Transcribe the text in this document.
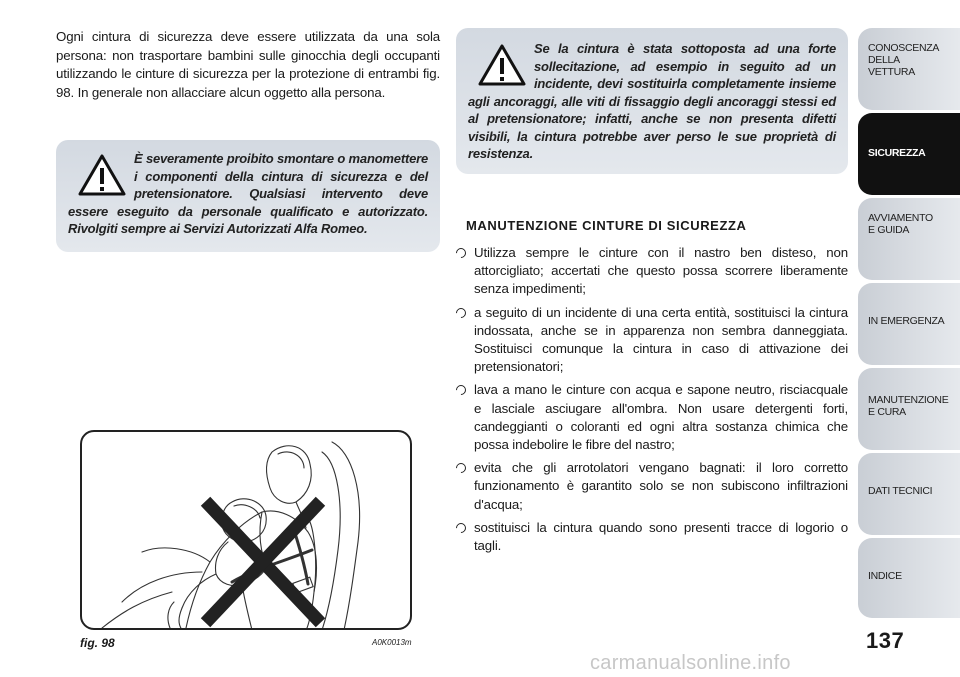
Ogni cintura di sicurezza deve essere utilizzata da una sola persona: non trasportare bambini sulle ginocchia degli occupanti utilizzando le cinture di sicurezza per la protezione di entrambi fig. 98. In generale non allacciare alcun oggetto alla persona.

È severamente proibito smontare o manomettere i componenti della cintura di sicurezza e del pretensionatore. Qualsiasi intervento deve essere eseguito da personale qualificato e autorizzato. Rivolgiti sempre ai Servizi Autorizzati Alfa Romeo.
Se la cintura è stata sottoposta ad una forte sollecitazione, ad esempio in seguito ad un incidente, devi sostituirla completamente insieme agli ancoraggi, alle viti di fissaggio degli ancoraggi stessi ed al pretensionatore; infatti, anche se non presenta difetti visibili, la cintura potrebbe aver perso le sue proprietà di resistenza.
MANUTENZIONE CINTURE DI SICUREZZA
Utilizza sempre le cinture con il nastro ben disteso, non attorcigliato; accertati che questo possa scorrere liberamente senza impedimenti;
a seguito di un incidente di una certa entità, sostituisci la cintura indossata, anche se in apparenza non sembra danneggiata. Sostituisci comunque la cintura in caso di attivazione dei pretensionatori;
lava a mano le cinture con acqua e sapone neutro, risciacquale e lasciale asciugare all'ombra. Non usare detergenti forti, candeggianti o coloranti ed ogni altra sostanza chimica che possa indebolire le fibre del nastro;
evita che gli arrotolatori vengano bagnati: il loro corretto funzionamento è garantito solo se non subiscono infiltrazioni d'acqua;
sostituisci la cintura quando sono presenti tracce di logorio o tagli.
fig. 98	A0K0013m
CONOSCENZA
DELLA
VETTURA
SICUREZZA
AVVIAMENTO
E GUIDA
IN EMERGENZA
MANUTENZIONE
E CURA
DATI TECNICI
INDICE
137
carmanualsonline.info
